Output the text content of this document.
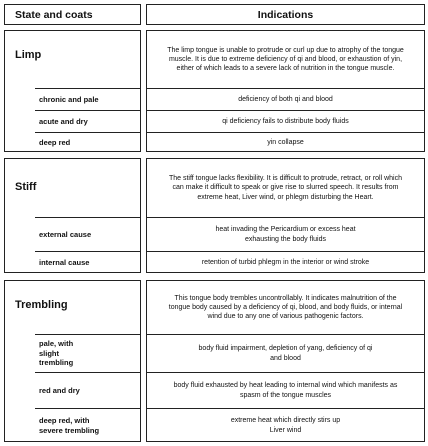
State and coats	Indications
Limp
chronic and pale
acute and dry
deep red
The limp tongue is unable to protrude or curl up due to atrophy of the tongue muscle. It is due to extreme deficiency of qi and blood, or exhaustion of yin, either of which leads to a severe lack of nutrition in the tongue muscle.
deficiency of both qi and blood
qi deficiency fails to distribute body fluids
yin collapse
Stiff
external cause
internal cause
The stiff tongue lacks flexibility. It is difficult to protrude, retract, or roll which can make it difficult to speak or give rise to slurred speech. It results from extreme heat, Liver wind, or phlegm disturbing the Heart.
heat invading the Pericardium or excess heat exhausting the body fluids
retention of turbid phlegm in the interior or wind stroke
Trembling
pale, with slight trembling
red and dry
deep red, with severe trembling
This tongue body trembles uncontrollably. It indicates malnutrition of the tongue body caused by a deficiency of qi, blood, and body fluids, or internal wind due to any one of various pathogenic factors.
body fluid impairment, depletion of yang, deficiency of qi and blood
body fluid exhausted by heat leading to internal wind which manifests as spasm of the tongue muscles
extreme heat which directly stirs up Liver wind
